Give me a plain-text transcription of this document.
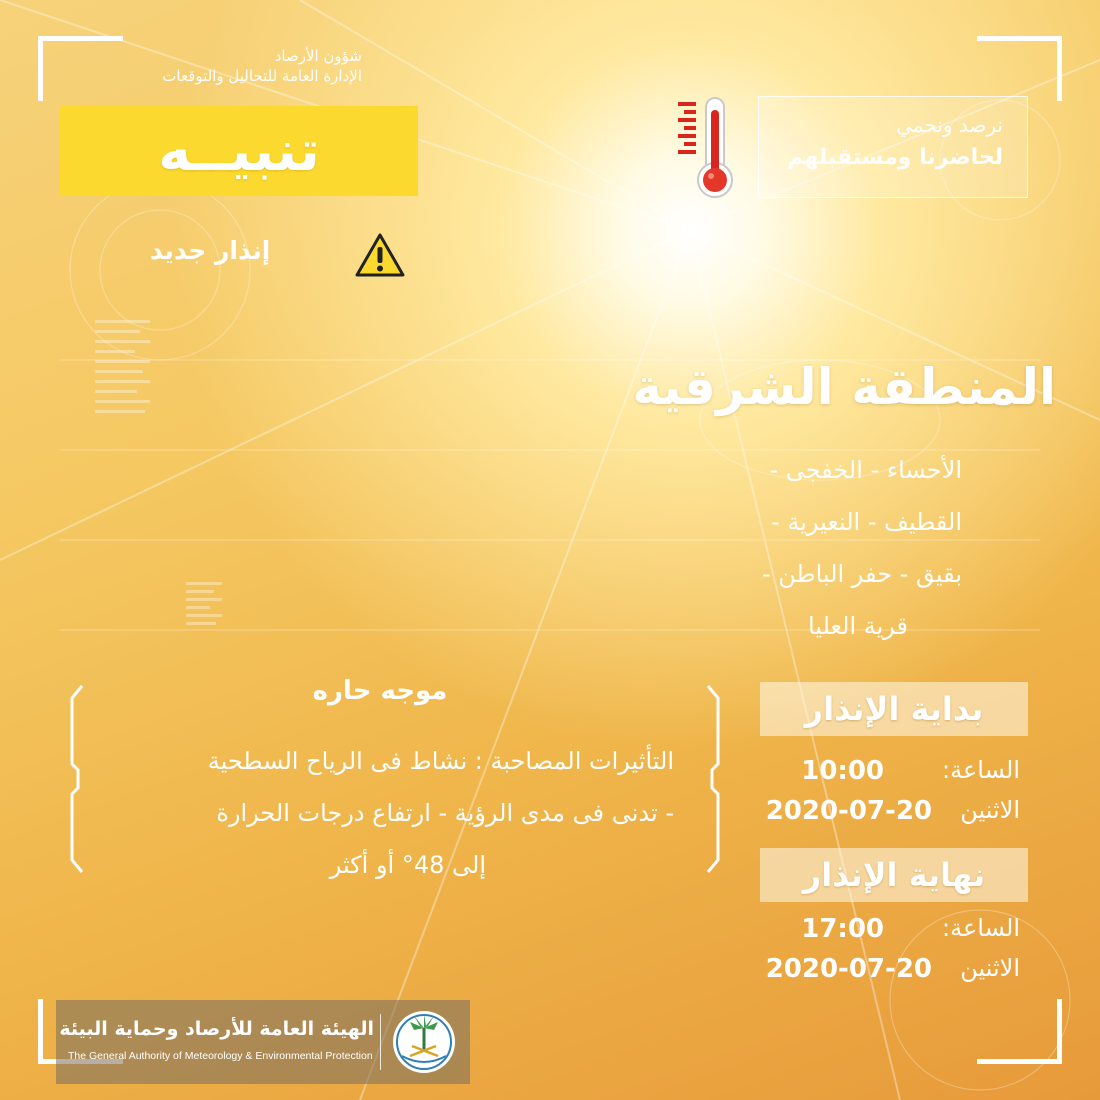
شؤون الأرصاد
الإدارة العامة للتحاليل والتوقعات
تنبيــه
إنذار جديد
نرصد ونحمي
لحاضرنا ومستقبلهم
المنطقة الشرقية
الأحساء - الخفجى -
القطيف - النعيرية -
بقيق - حفر الباطن -
قرية العليا
موجه حاره
التأثيرات المصاحبة : نشاط فى الرياح السطحية
- تدنى فى مدى الرؤية - ارتفاع درجات الحرارة
إلى 48° أو أكثر
بداية الإنذار
الساعة:
10:00
الاثنين
2020-07-20
نهاية الإنذار
الساعة:
17:00
الاثنين
2020-07-20
الهيئة العامة للأرصاد وحماية البيئة
The General Authority of Meteorology & Environmental Protection
